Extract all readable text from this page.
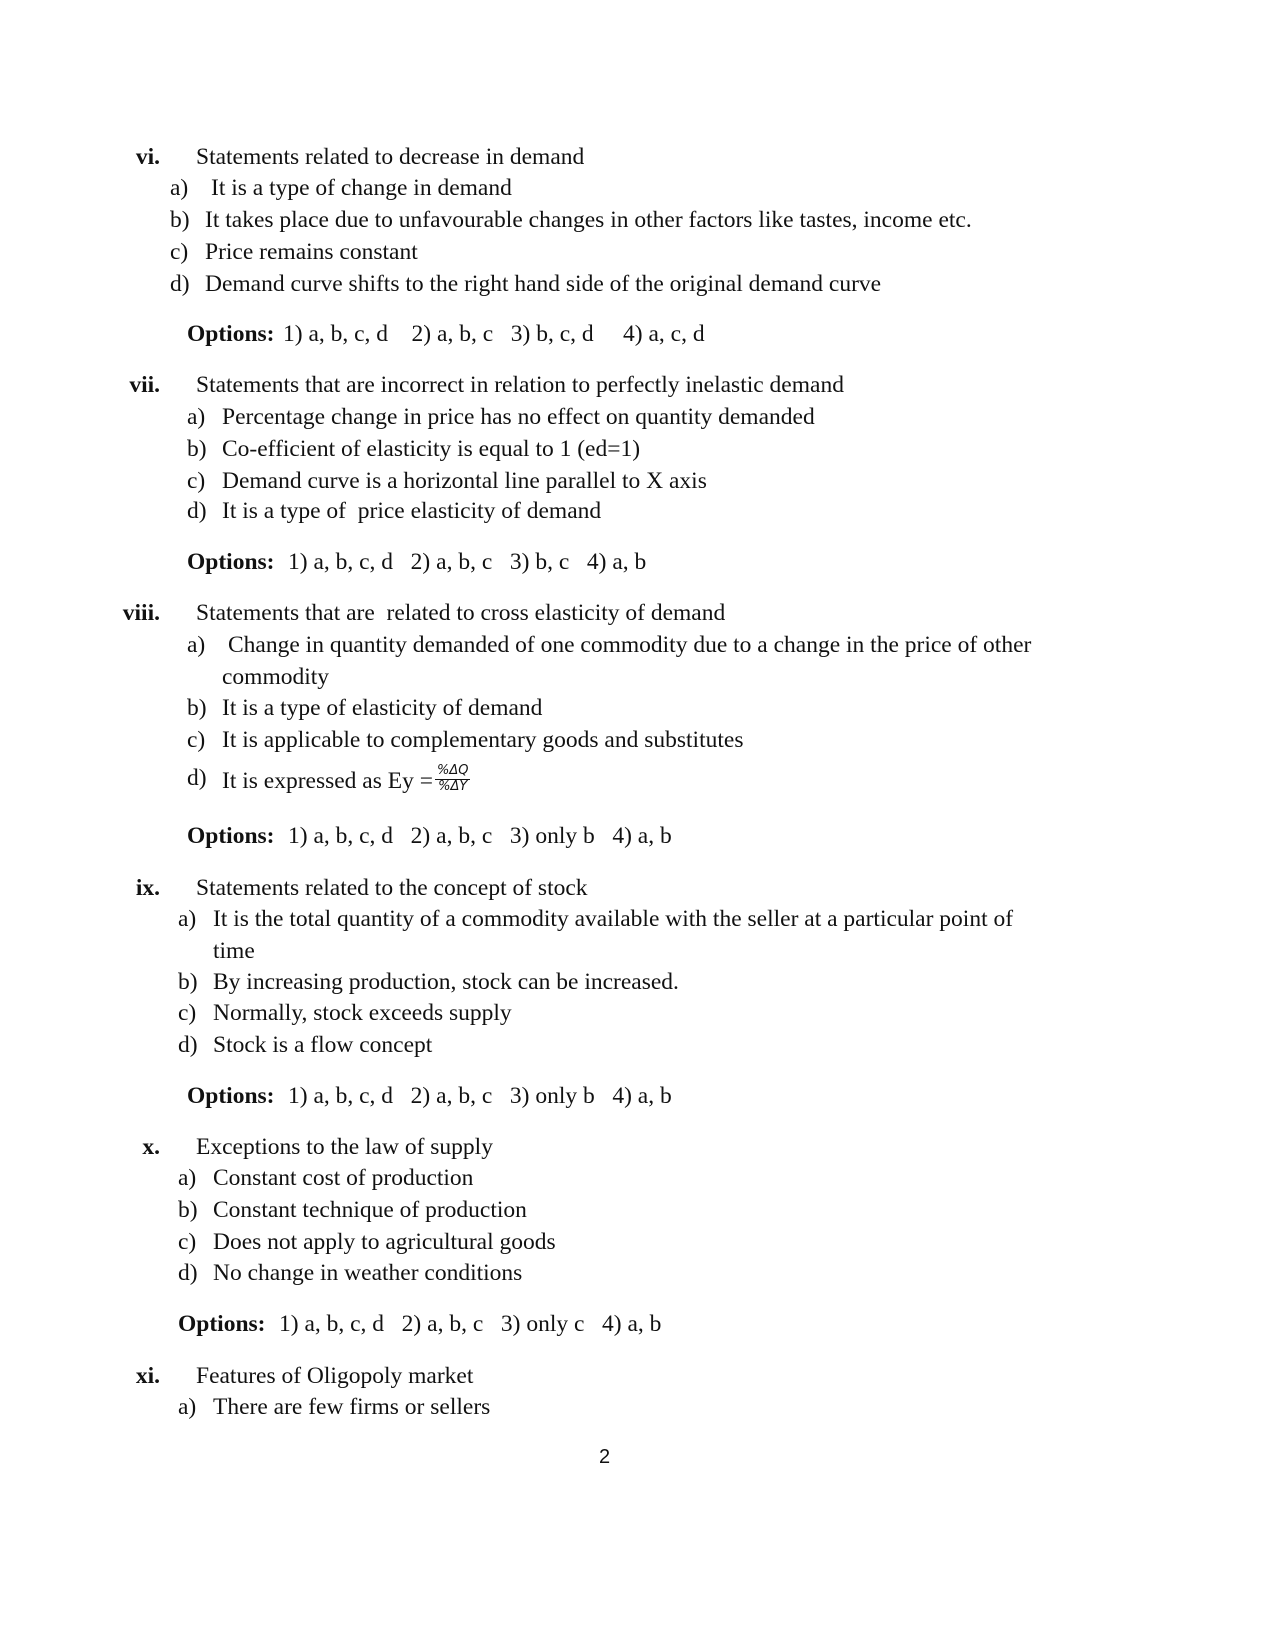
vi. Statements related to decrease in demand
a) It is a type of change in demand
b) It takes place due to unfavourable changes in other factors like tastes, income etc.
c) Price remains constant
d) Demand curve shifts to the right hand side of the original demand curve
Options: 1) a, b, c, d    2) a, b, c   3) b, c, d     4) a, c, d
vii. Statements that are incorrect in relation to perfectly inelastic demand
a) Percentage change in price has no effect on quantity demanded
b) Co-efficient of elasticity is equal to 1 (ed=1)
c) Demand curve is a horizontal line parallel to X axis
d) It is a type of  price elasticity of demand
Options: 1) a, b, c, d   2) a, b, c   3) b, c   4) a, b
viii. Statements that are  related to cross elasticity of demand
a) Change in quantity demanded of one commodity due to a change in the price of other
commodity
b) It is a type of elasticity of demand
c) It is applicable to complementary goods and substitutes
d) It is expressed as $Ey = \frac{\%\Delta Q}{\%\Delta Y}$
Options: 1) a, b, c, d   2) a, b, c   3) only b   4) a, b
ix. Statements related to the concept of stock
a) It is the total quantity of a commodity available with the seller at a particular point of
time
b) By increasing production, stock can be increased.
c) Normally, stock exceeds supply
d) Stock is a flow concept
Options: 1) a, b, c, d   2) a, b, c   3) only b   4) a, b
x. Exceptions to the law of supply
a) Constant cost of production
b) Constant technique of production
c) Does not apply to agricultural goods
d) No change in weather conditions
Options: 1) a, b, c, d   2) a, b, c   3) only c   4) a, b
xi. Features of Oligopoly market
a) There are few firms or sellers
2
